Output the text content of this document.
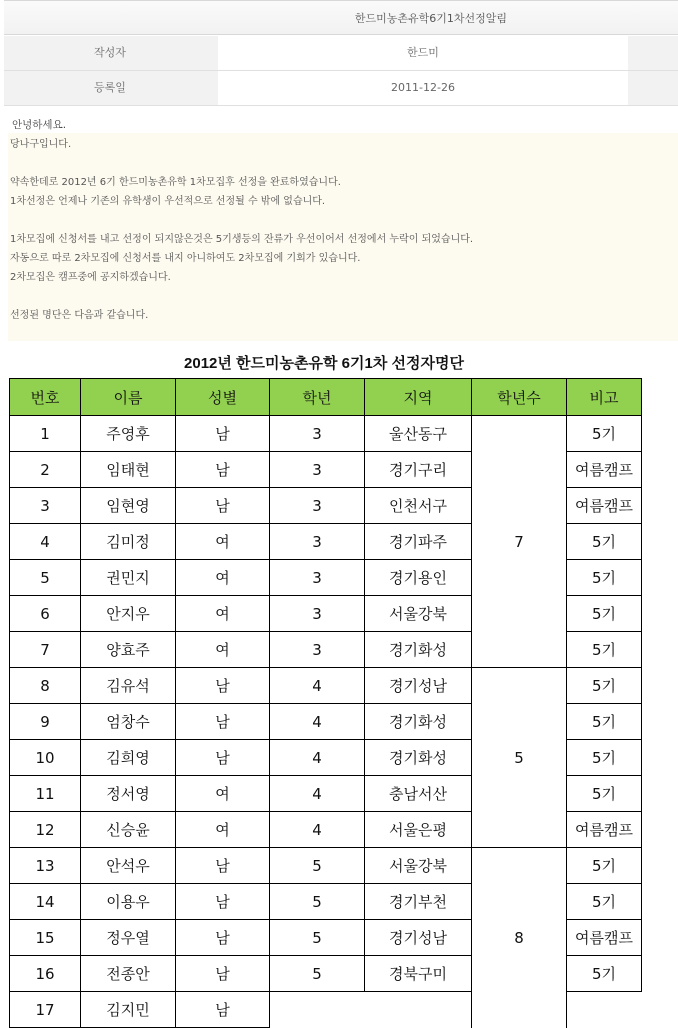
한드미농촌유학6기1차선정알림
작성자	한드미
등록일	2011-12-26
안녕하세요.
당나구입니다.
약속한데로 2012년 6기 한드미농촌유학 1차모집후 선정을 완료하였습니다.
1차선정은 언제나 기존의 유학생이 우선적으로 선정될 수 밖에 없습니다.
1차모집에 신청서를 내고 선정이 되지않은것은 5기생등의 잔류가 우선이어서 선정에서 누락이 되었습니다.
자동으로 따로 2차모집에 신청서를 내지 아니하여도 2차모집에 기회가 있습니다.
2차모집은 캠프중에 공지하겠습니다.
선정된 명단은 다음과 같습니다.
2012년 한드미농촌유학 6기1차 선정자명단
번호	이름	성별	학년	지역	학년수	비고
1	주영후	남	3	울산동구	7	5기
2	임태현	남	3	경기구리		여름캠프
3	임현영	남	3	인천서구		여름캠프
4	김미정	여	3	경기파주		5기
5	권민지	여	3	경기용인		5기
6	안지우	여	3	서울강북		5기
7	양효주	여	3	경기화성		5기
8	김유석	남	4	경기성남	5	5기
9	엄창수	남	4	경기화성		5기
10	김희영	남	4	경기화성		5기
11	정서영	여	4	충남서산		5기
12	신승윤	여	4	서울은평		여름캠프
13	안석우	남	5	서울강북	8	5기
14	이용우	남	5	경기부천		5기
15	정우열	남	5	경기성남		여름캠프
16	전종안	남	5	경북구미		5기
17	김지민	남				
